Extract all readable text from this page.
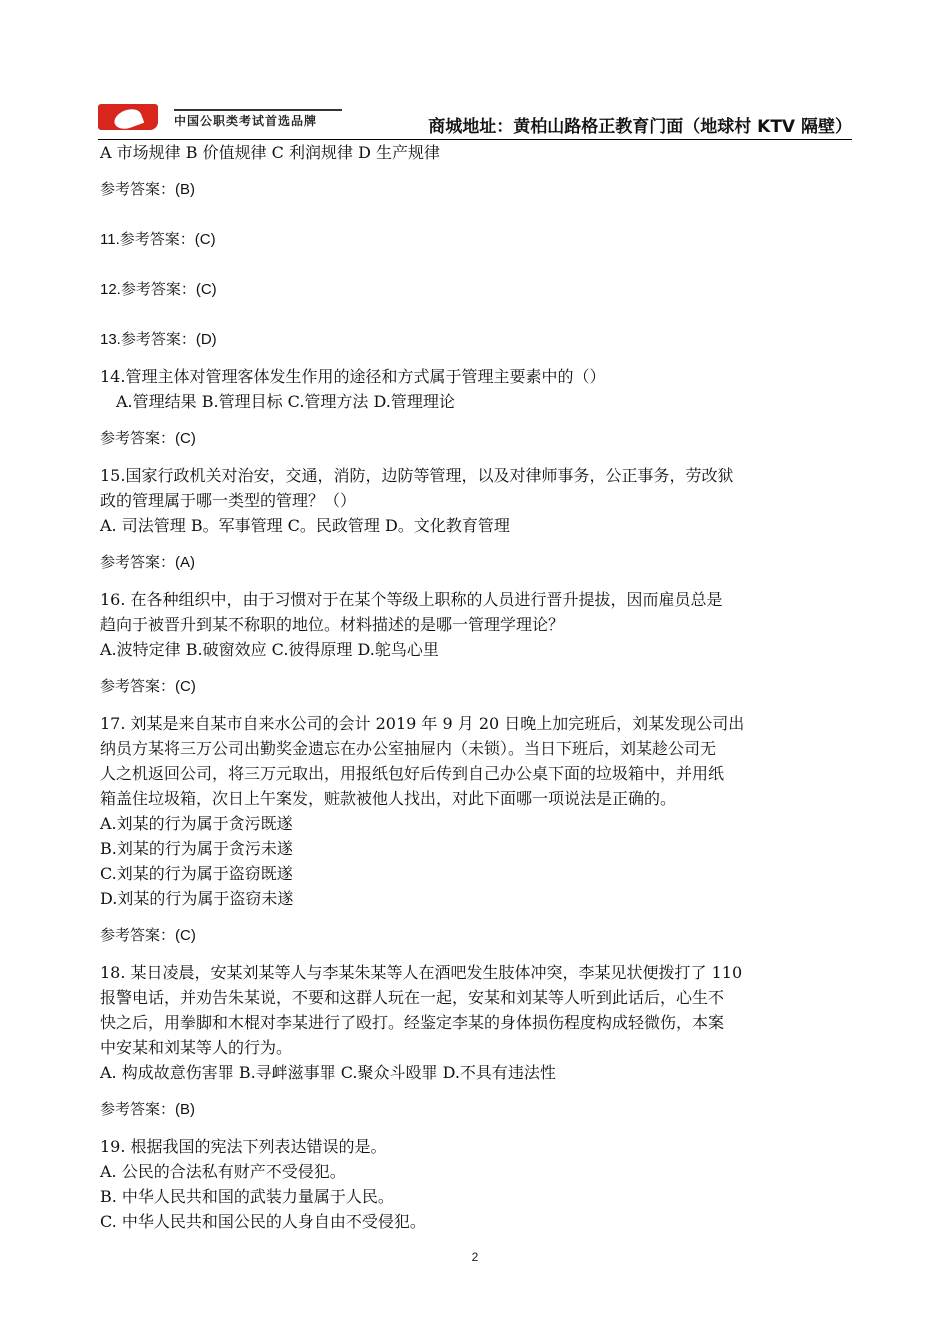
中国公职类考试首选品牌	商城地址：黄柏山路格正教育门面（地球村 KTV 隔壁）
A 市场规律 B 价值规律 C 利润规律 D 生产规律
参考答案：(B)
11.参考答案：(C)
12.参考答案：(C)
13.参考答案：(D)
14.管理主体对管理客体发生作用的途径和方式属于管理主要素中的（）
A.管理结果 B.管理目标 C.管理方法 D.管理理论
参考答案：(C)
15.国家行政机关对治安，交通，消防，边防等管理，以及对律师事务，公正事务，劳改狱
政的管理属于哪一类型的管理？（）
A. 司法管理 B。军事管理 C。民政管理 D。文化教育管理
参考答案：(A)
16. 在各种组织中，由于习惯对于在某个等级上职称的人员进行晋升提拔，因而雇员总是
趋向于被晋升到某不称职的地位。材料描述的是哪一管理学理论？
A.波特定律 B.破窗效应 C.彼得原理 D.鸵鸟心里
参考答案：(C)
17. 刘某是来自某市自来水公司的会计 2019 年 9 月 20 日晚上加完班后，刘某发现公司出
纳员方某将三万公司出勤奖金遗忘在办公室抽屉内（未锁）。当日下班后，刘某趁公司无
人之机返回公司，将三万元取出，用报纸包好后传到自己办公桌下面的垃圾箱中，并用纸
箱盖住垃圾箱，次日上午案发，赃款被他人找出，对此下面哪一项说法是正确的。
A.刘某的行为属于贪污既遂
B.刘某的行为属于贪污未遂
C.刘某的行为属于盗窃既遂
D.刘某的行为属于盗窃未遂
参考答案：(C)
18. 某日凌晨，安某刘某等人与李某朱某等人在酒吧发生肢体冲突，李某见状便拨打了 110
报警电话，并劝告朱某说，不要和这群人玩在一起，安某和刘某等人听到此话后，心生不
快之后，用拳脚和木棍对李某进行了殴打。经鉴定李某的身体损伤程度构成轻微伤，本案
中安某和刘某等人的行为。
A. 构成故意伤害罪 B.寻衅滋事罪 C.聚众斗殴罪 D.不具有违法性
参考答案：(B)
19. 根据我国的宪法下列表达错误的是。
A. 公民的合法私有财产不受侵犯。
B. 中华人民共和国的武装力量属于人民。
C. 中华人民共和国公民的人身自由不受侵犯。
2
